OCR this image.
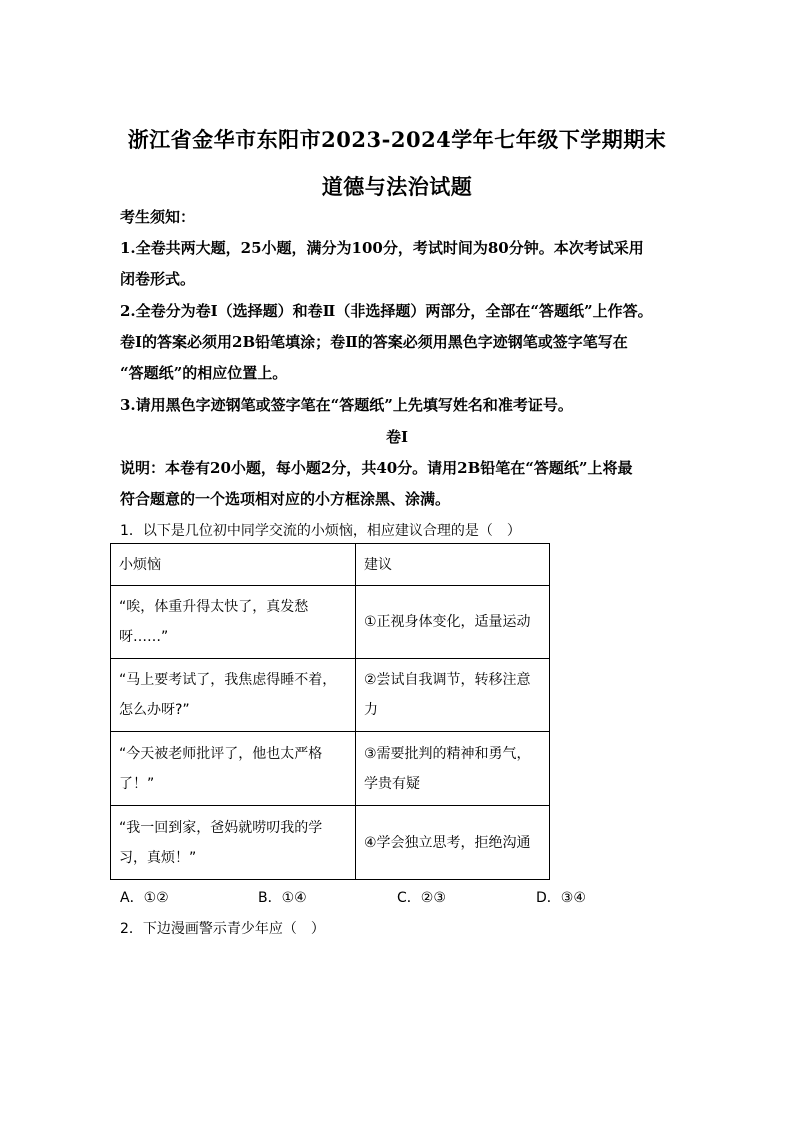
浙江省金华市东阳市2023-2024学年七年级下学期期末
道德与法治试题
考生须知：
1.全卷共两大题，25小题，满分为100分，考试时间为80分钟。本次考试采用
闭卷形式。
2.全卷分为卷Ⅰ（选择题）和卷Ⅱ（非选择题）两部分，全部在“答题纸”上作答。
卷Ⅰ的答案必须用2B铅笔填涂；卷Ⅱ的答案必须用黑色字迹钢笔或签字笔写在
“答题纸”的相应位置上。
3.请用黑色字迹钢笔或签字笔在“答题纸”上先填写姓名和准考证号。
卷Ⅰ
说明：本卷有20小题，每小题2分，共40分。请用2B铅笔在“答题纸”上将最
符合题意的一个选项相对应的小方框涂黑、涂满。
1．以下是几位初中同学交流的小烦恼，相应建议合理的是（　）
小烦恼	建议
“唉，体重升得太快了，真发愁呀……”	①正视身体变化，适量运动
“马上要考试了，我焦虑得睡不着，怎么办呀?”	②尝试自我调节，转移注意力
“今天被老师批评了，他也太严格了！”	③需要批判的精神和勇气，学贵有疑
“我一回到家，爸妈就唠叨我的学习，真烦！”	④学会独立思考，拒绝沟通
A．①②	B．①④	C．②③	D．③④
2．下边漫画警示青少年应（　）
